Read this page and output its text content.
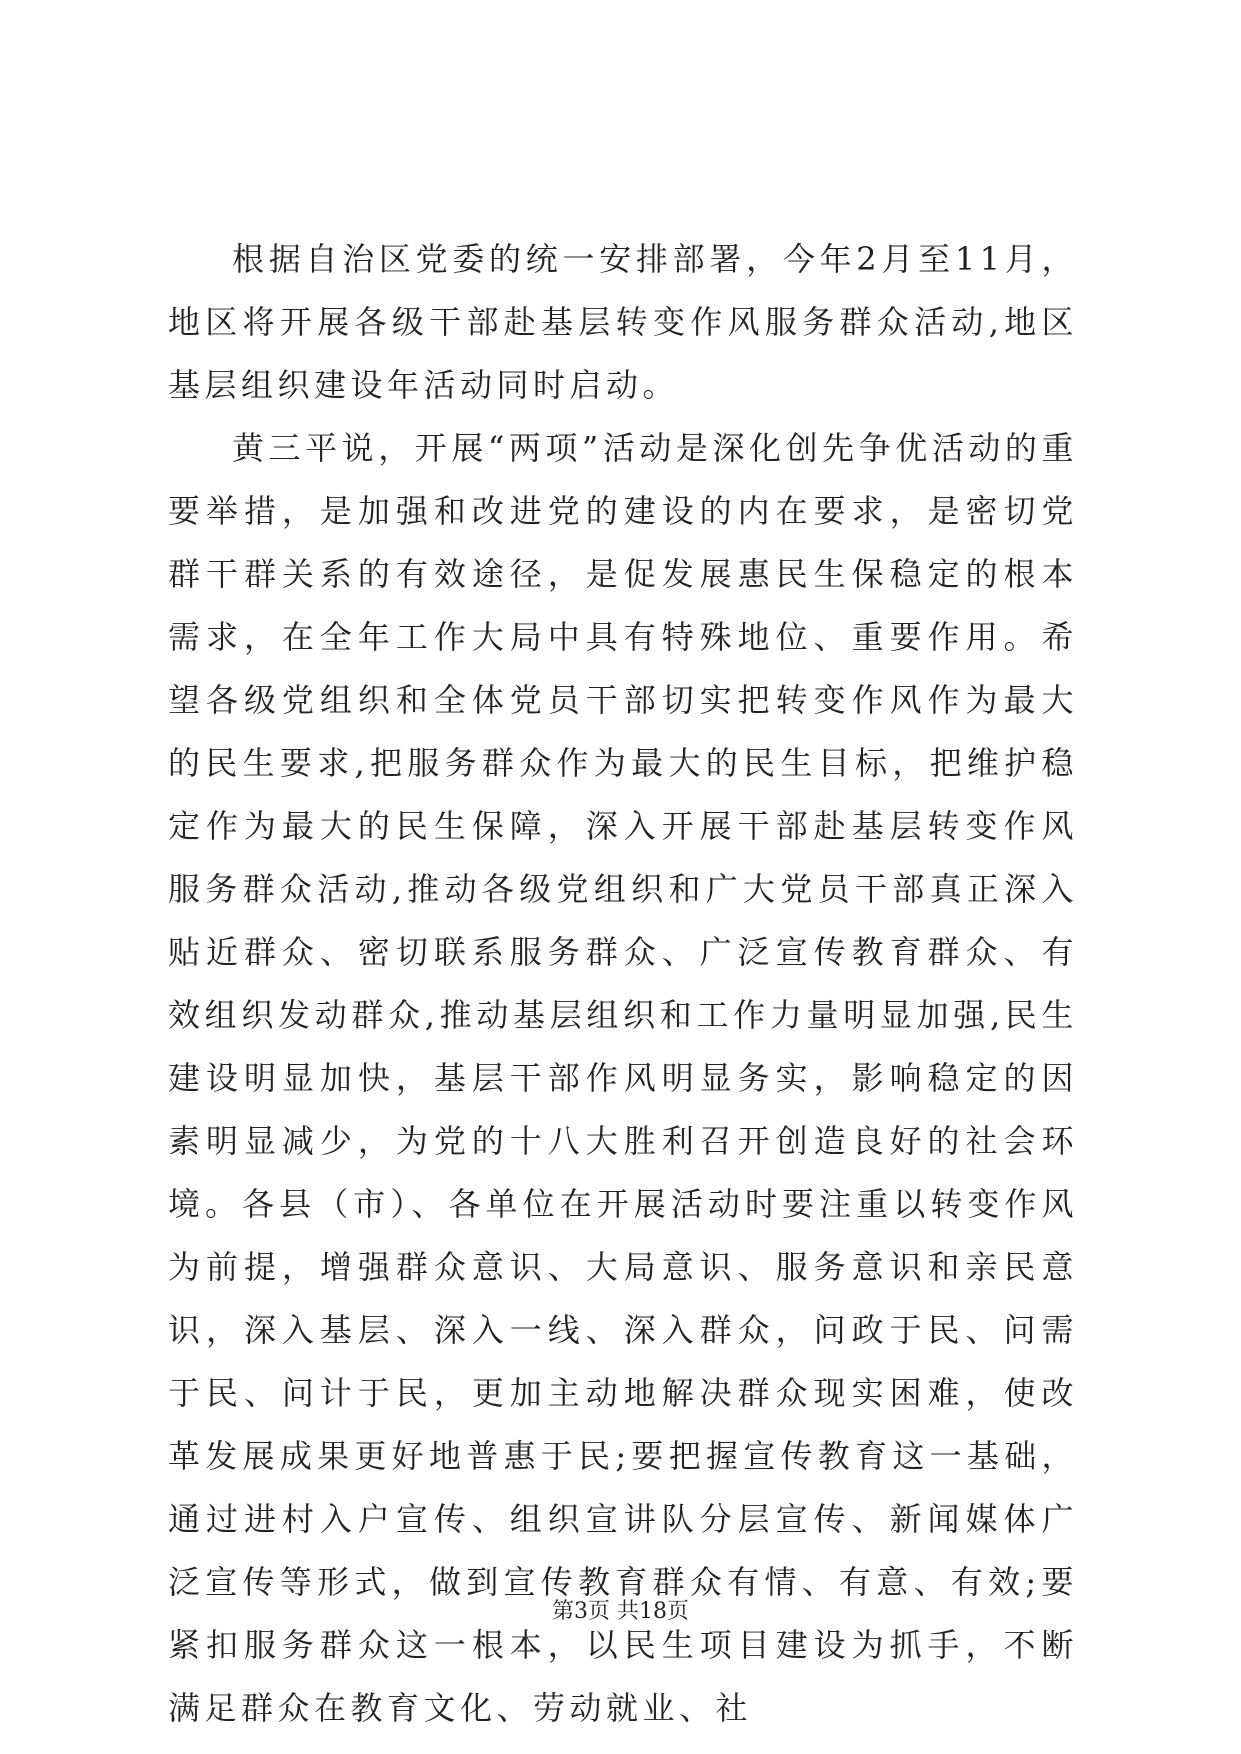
根据自治区党委的统一安排部署，今年2月至11月，地区将开展各级干部赴基层转变作风服务群众活动,地区基层组织建设年活动同时启动。

黄三平说，开展“两项”活动是深化创先争优活动的重要举措，是加强和改进党的建设的内在要求，是密切党群干群关系的有效途径，是促发展惠民生保稳定的根本需求，在全年工作大局中具有特殊地位、重要作用。希望各级党组织和全体党员干部切实把转变作风作为最大的民生要求,把服务群众作为最大的民生目标，把维护稳定作为最大的民生保障，深入开展干部赴基层转变作风服务群众活动,推动各级党组织和广大党员干部真正深入贴近群众、密切联系服务群众、广泛宣传教育群众、有效组织发动群众,推动基层组织和工作力量明显加强,民生建设明显加快，基层干部作风明显务实，影响稳定的因素明显减少，为党的十八大胜利召开创造良好的社会环境。各县（市）、各单位在开展活动时要注重以转变作风为前提，增强群众意识、大局意识、服务意识和亲民意识，深入基层、深入一线、深入群众，问政于民、问需于民、问计于民，更加主动地解决群众现实困难，使改革发展成果更好地普惠于民;要把握宣传教育这一基础，通过进村入户宣传、组织宣讲队分层宣传、新闻媒体广泛宣传等形式，做到宣传教育群众有情、有意、有效;要紧扣服务群众这一根本，以民生项目建设为抓手，不断满足群众在教育文化、劳动就业、社

第3页 共18页
